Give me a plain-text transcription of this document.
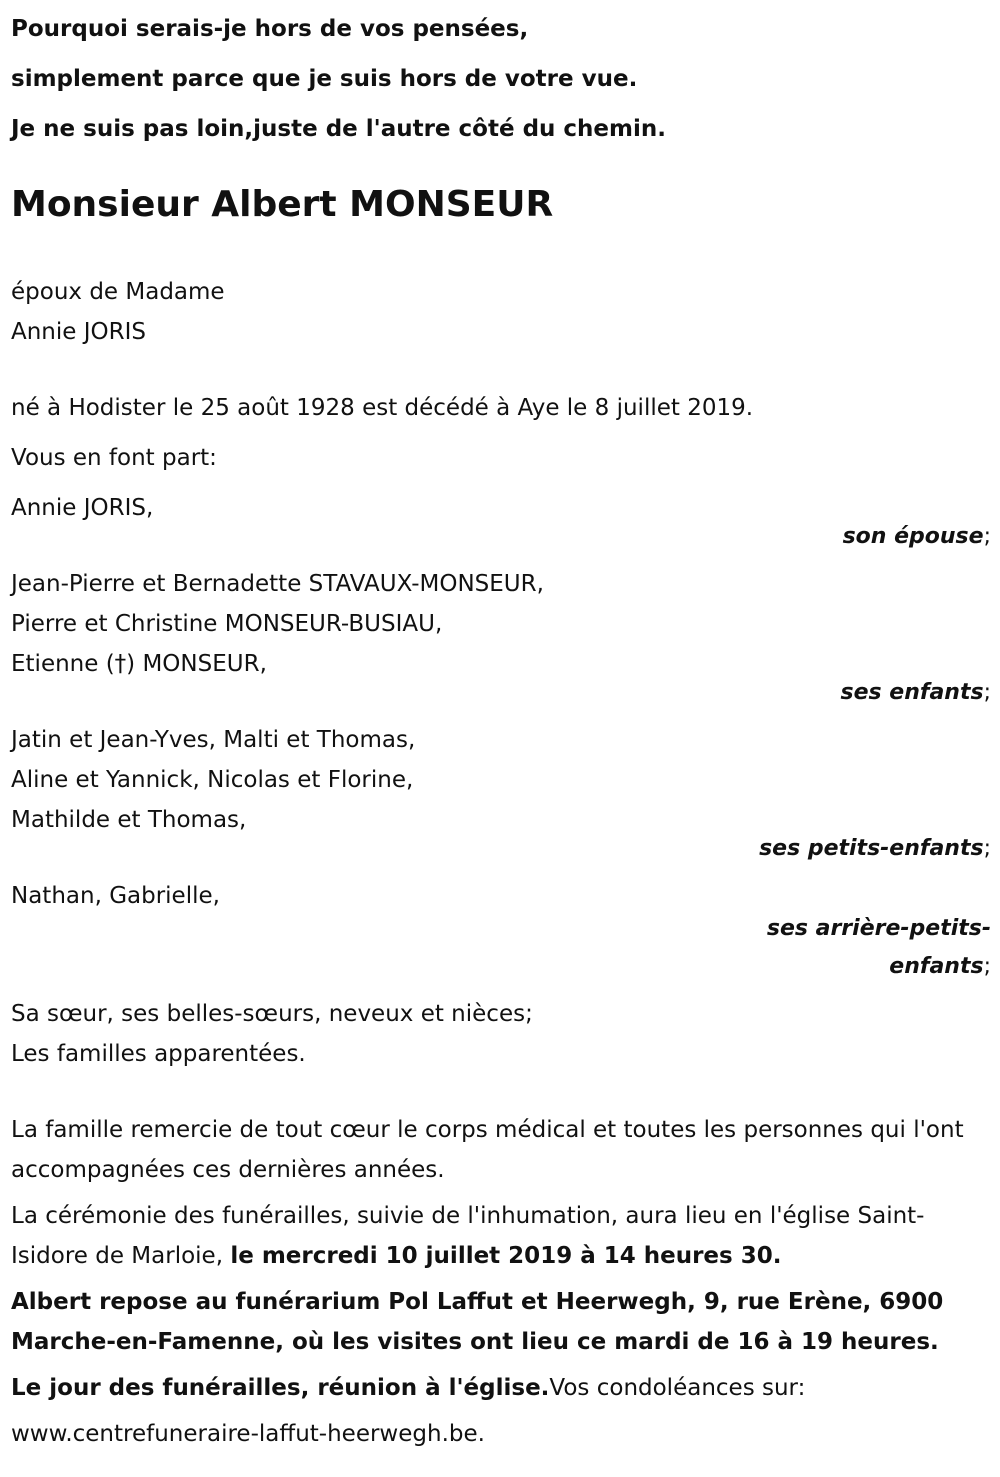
Pourquoi serais-je hors de vos pensées,
simplement parce que je suis hors de votre vue.
Je ne suis pas loin,juste de l'autre côté du chemin.
Monsieur Albert MONSEUR
époux de Madame
Annie JORIS
né à Hodister le 25 août 1928 est décédé à Aye le 8 juillet 2019.
Vous en font part:
Annie JORIS,
son épouse;
Jean-Pierre et Bernadette STAVAUX-MONSEUR,
Pierre et Christine MONSEUR-BUSIAU,
Etienne (†) MONSEUR,
ses enfants;
Jatin et Jean-Yves, Malti et Thomas,
Aline et Yannick, Nicolas et Florine,
Mathilde et Thomas,
ses petits-enfants;
Nathan, Gabrielle,
ses arrière-petits-
enfants;
Sa sœur, ses belles-sœurs, neveux et nièces;
Les familles apparentées.
La famille remercie de tout cœur le corps médical et toutes les personnes qui l'ont accompagnées ces dernières années.
La cérémonie des funérailles, suivie de l'inhumation, aura lieu en l'église Saint-Isidore de Marloie, le mercredi 10 juillet 2019 à 14 heures 30.
Albert repose au funérarium Pol Laffut et Heerwegh, 9, rue Erène, 6900 Marche-en-Famenne, où les visites ont lieu ce mardi de 16 à 19 heures.
Le jour des funérailles, réunion à l'église.Vos condoléances sur:
www.centrefuneraire-laffut-heerwegh.be.
